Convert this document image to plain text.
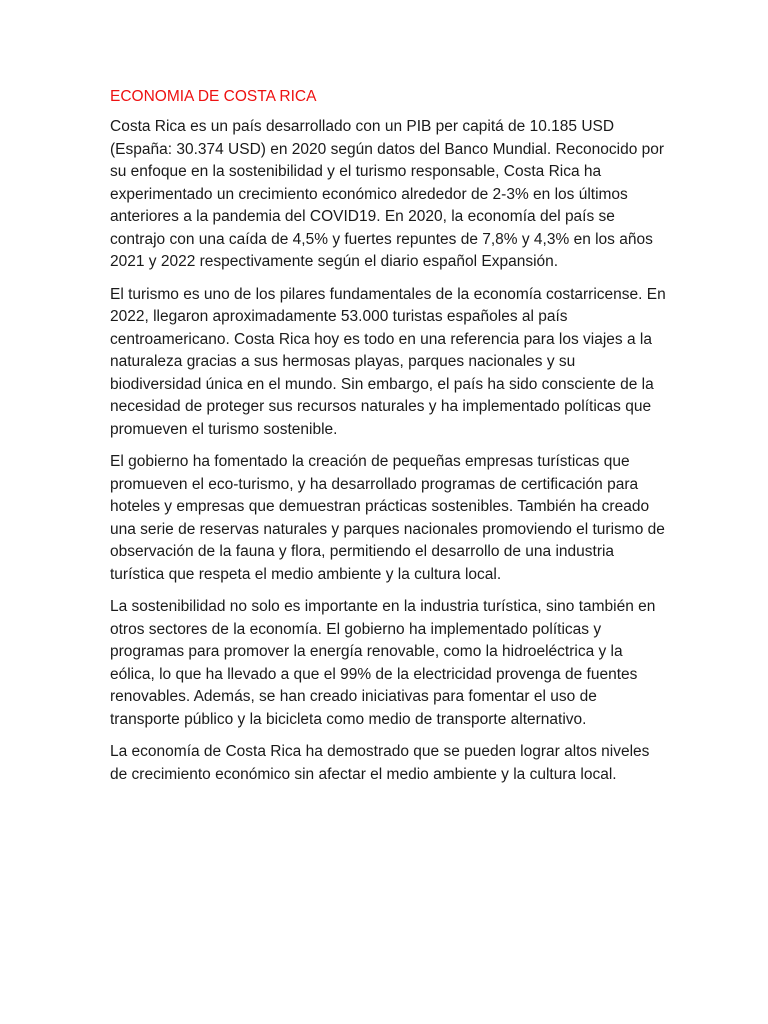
ECONOMIA DE COSTA RICA

Costa Rica es un país desarrollado con un PIB per capitá de 10.185 USD (España: 30.374 USD) en 2020 según datos del Banco Mundial. Reconocido por su enfoque en la sostenibilidad y el turismo responsable, Costa Rica ha experimentado un crecimiento económico alrededor de 2-3% en los últimos anteriores a la pandemia del COVID19. En 2020, la economía del país se contrajo con una caída de 4,5% y fuertes repuntes de 7,8% y 4,3% en los años 2021 y 2022 respectivamente según el diario español Expansión.

El turismo es uno de los pilares fundamentales de la economía costarricense. En 2022, llegaron aproximadamente 53.000 turistas españoles al país centroamericano. Costa Rica hoy es todo en una referencia para los viajes a la naturaleza gracias a sus hermosas playas, parques nacionales y su biodiversidad única en el mundo. Sin embargo, el país ha sido consciente de la necesidad de proteger sus recursos naturales y ha implementado políticas que promueven el turismo sostenible.

El gobierno ha fomentado la creación de pequeñas empresas turísticas que promueven el eco-turismo, y ha desarrollado programas de certificación para hoteles y empresas que demuestran prácticas sostenibles. También ha creado una serie de reservas naturales y parques nacionales promoviendo el turismo de observación de la fauna y flora, permitiendo el desarrollo de una industria turística que respeta el medio ambiente y la cultura local.

La sostenibilidad no solo es importante en la industria turística, sino también en otros sectores de la economía. El gobierno ha implementado políticas y programas para promover la energía renovable, como la hidroeléctrica y la eólica, lo que ha llevado a que el 99% de la electricidad provenga de fuentes renovables. Además, se han creado iniciativas para fomentar el uso de transporte público y la bicicleta como medio de transporte alternativo.

La economía de Costa Rica ha demostrado que se pueden lograr altos niveles de crecimiento económico sin afectar el medio ambiente y la cultura local.
